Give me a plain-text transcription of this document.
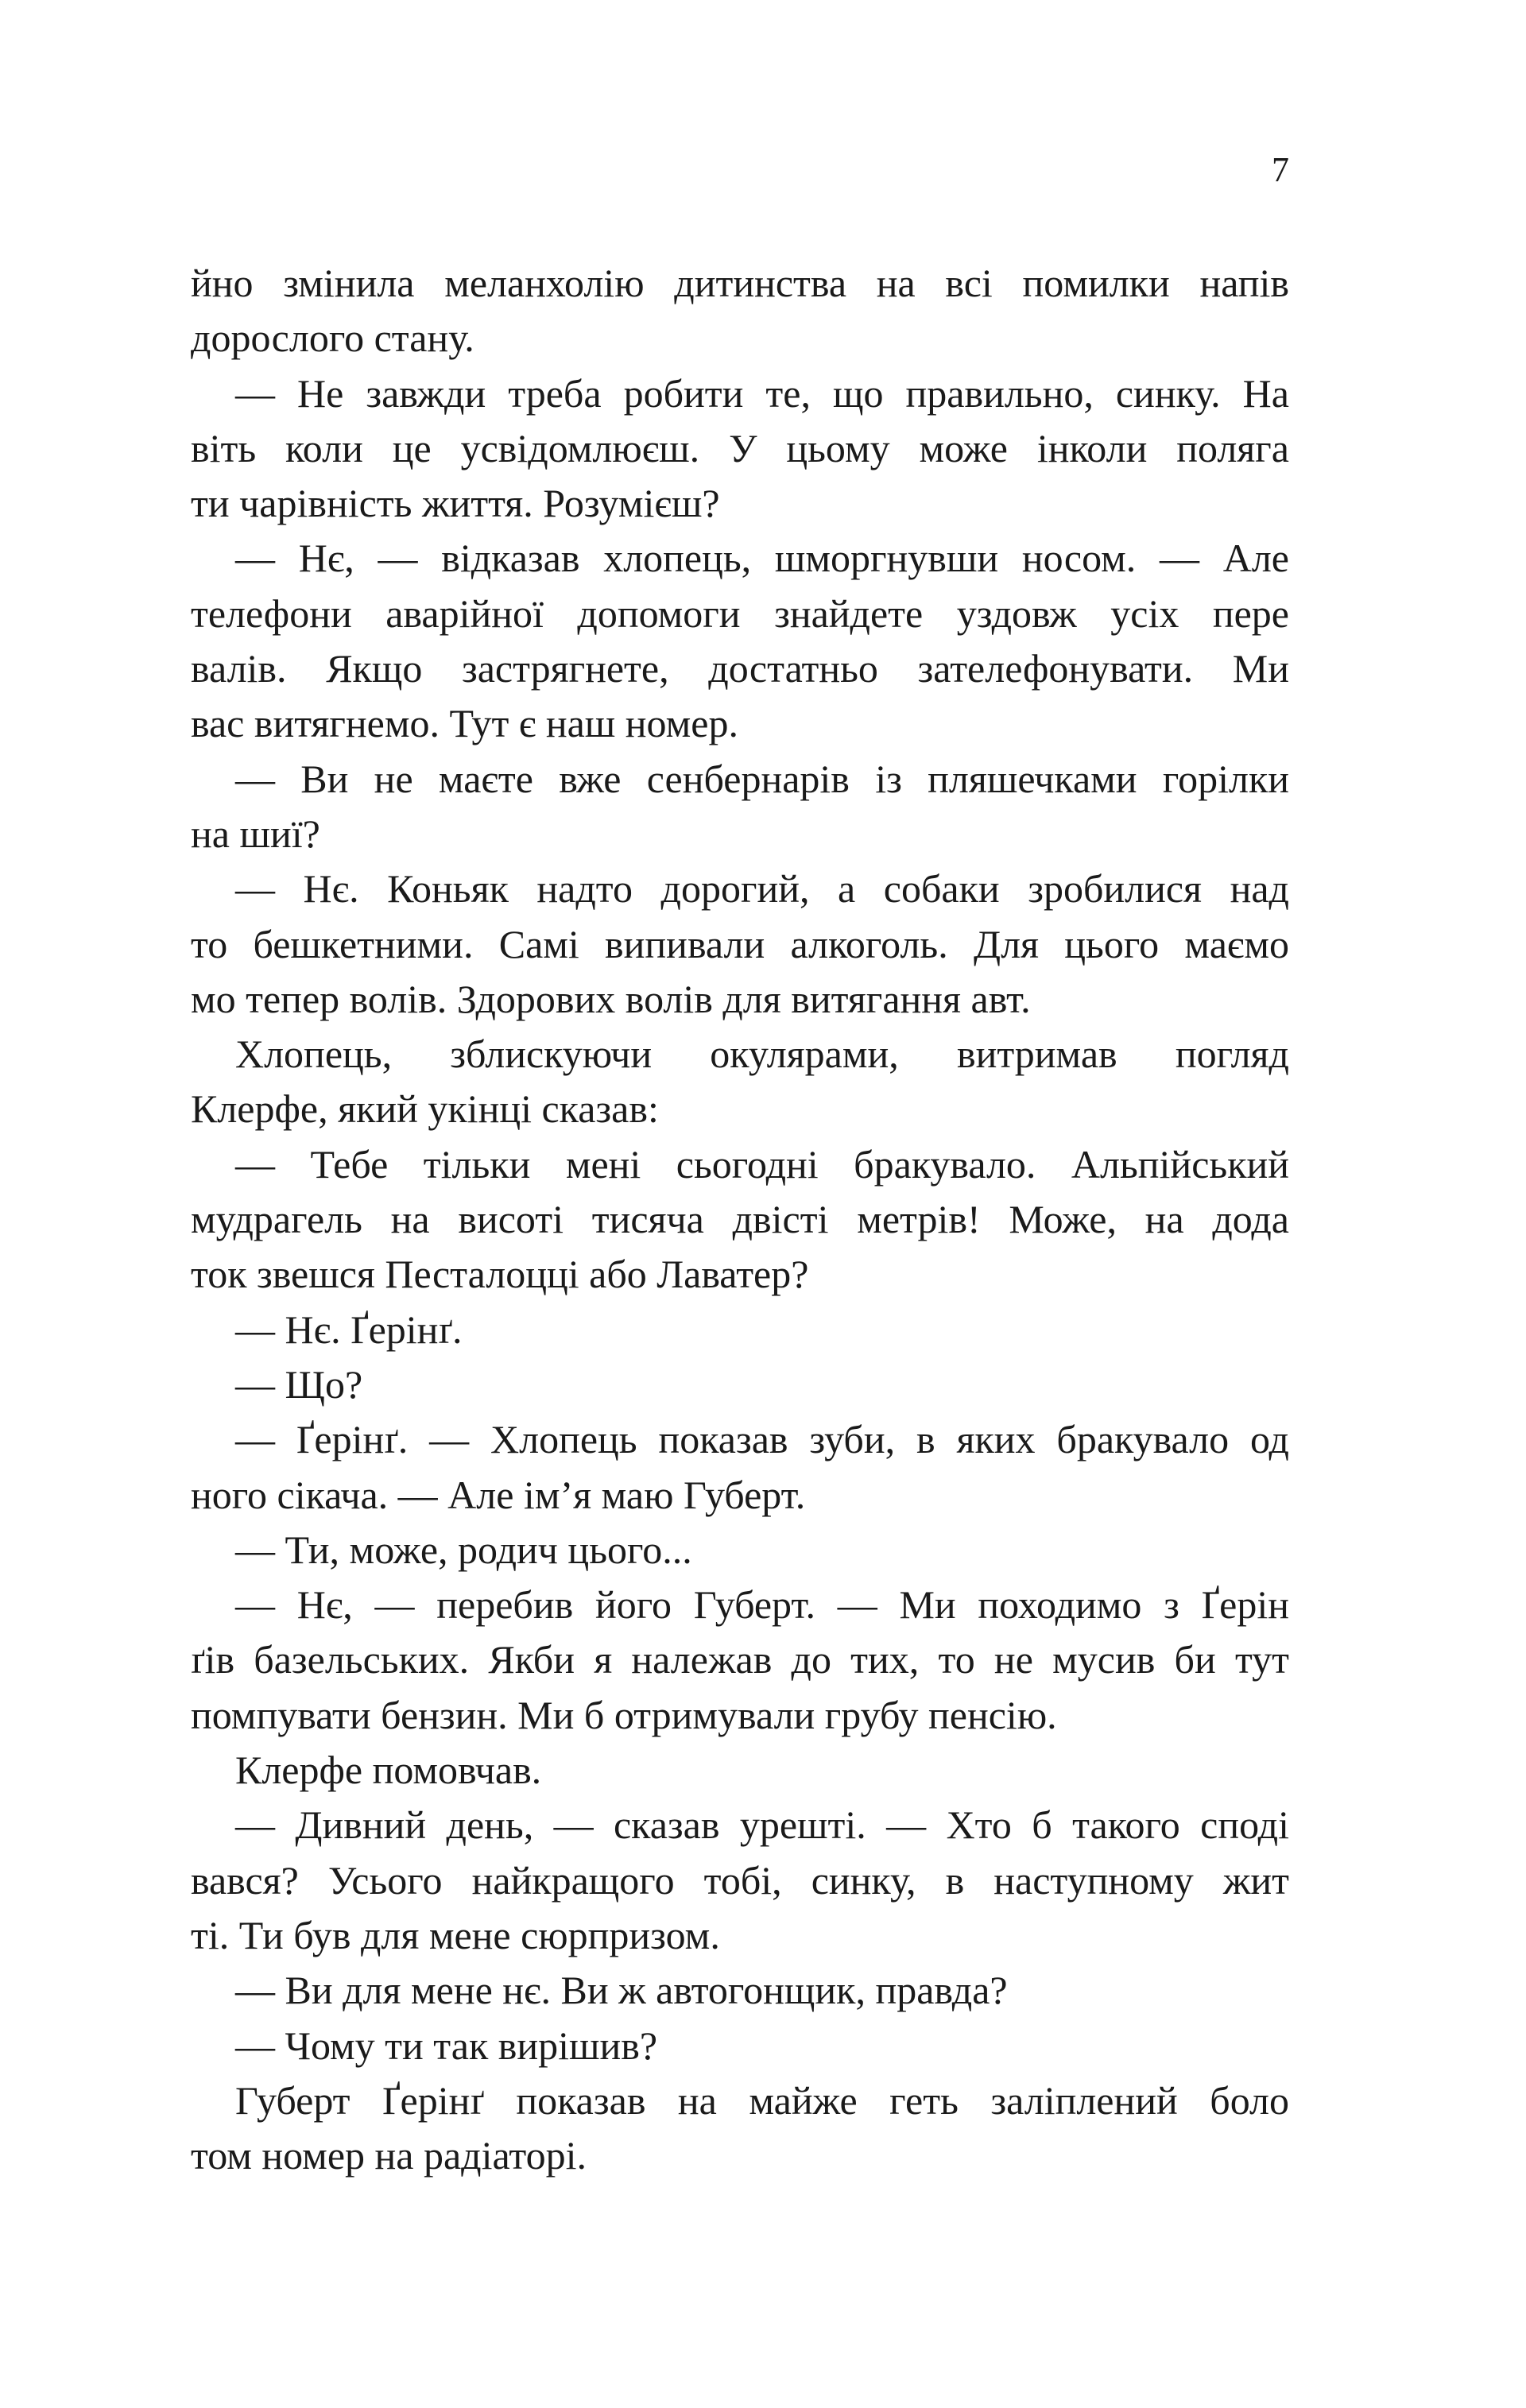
7
йно змінила меланхолію дитинства на всі помилки напів
дорослого стану.
— Не завжди треба робити те, що правильно, синку. На
віть коли це усвідомлюєш. У цьому може інколи поляга
ти чарівність життя. Розумієш?
— Нє, — відказав хлопець, шморгнувши носом. — Але
телефони аварійної допомоги знайдете уздовж усіх пере
валів. Якщо застрягнете, достатньо зателефонувати. Ми
вас витягнемо. Тут є наш номер.
— Ви не маєте вже сенбернарів із пляшечками горілки
на шиї?
— Нє. Коньяк надто дорогий, а собаки зробилися над
то бешкетними. Самі випивали алкоголь. Для цього маємо
мо тепер волів. Здорових волів для витягання авт.
Хлопець, зблискуючи окулярами, витримав погляд
Клерфе, який укінці сказав:
— Тебе тільки мені сьогодні бракувало. Альпійський
мудрагель на висоті тисяча двісті метрів! Може, на дода
ток звешся Песталоцці або Лаватер?
— Нє. Ґерінґ.
— Що?
— Ґерінґ. — Хлопець показав зуби, в яких бракувало од
ного сікача. — Але ім’я маю Губерт.
— Ти, може, родич цього...
— Нє, — перебив його Губерт. — Ми походимо з Ґерін
ґів базельських. Якби я належав до тих, то не мусив би тут
помпувати бензин. Ми б отримували грубу пенсію.
Клерфе помовчав.
— Дивний день, — сказав урешті. — Хто б такого споді
вався? Усього найкращого тобі, синку, в наступному жит
ті. Ти був для мене сюрпризом.
— Ви для мене нє. Ви ж автогонщик, правда?
— Чому ти так вирішив?
Губерт Ґерінґ показав на майже геть заліплений боло
том номер на радіаторі.
